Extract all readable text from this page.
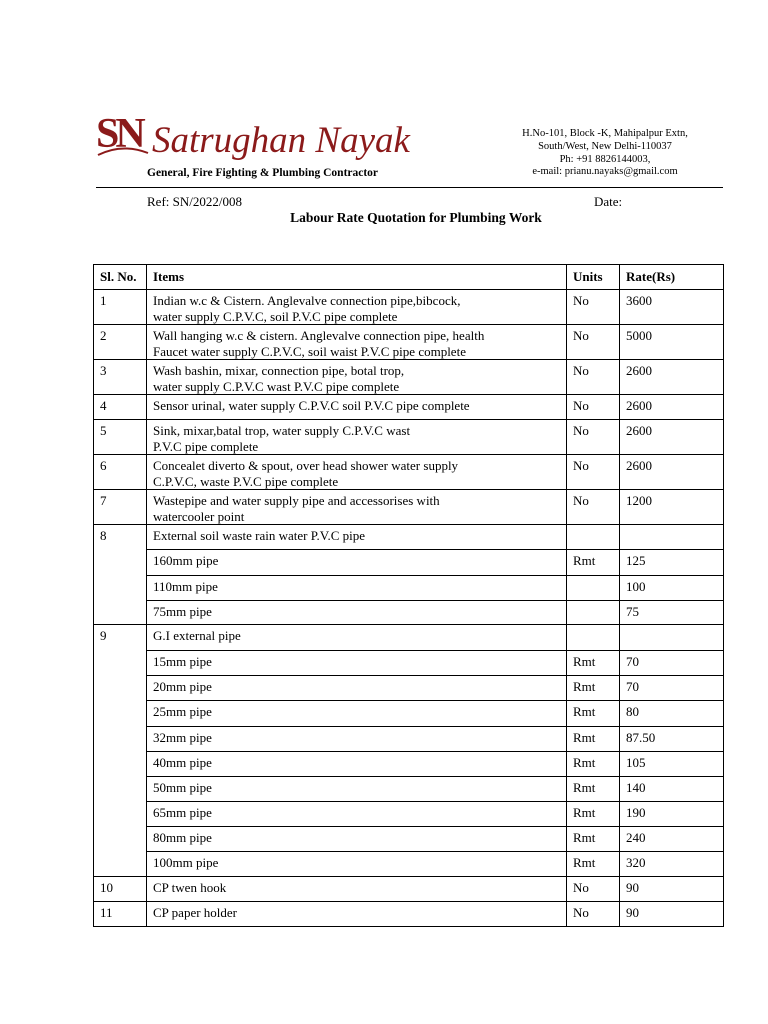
SN Satrughan Nayak
General, Fire Fighting & Plumbing Contractor
H.No-101, Block -K, Mahipalpur Extn,
South/West, New Delhi-110037
Ph: +91 8826144003,
e-mail: prianu.nayaks@gmail.com
Ref: SN/2022/008	Date:
Labour Rate Quotation for Plumbing Work
Sl. No.	Items	Units	Rate(Rs)
1	Indian w.c & Cistern. Anglevalve connection pipe,bibcock,
water supply C.P.V.C, soil P.V.C pipe complete	No	3600
2	Wall hanging w.c & cistern. Anglevalve connection pipe, health
Faucet water supply C.P.V.C, soil waist P.V.C pipe complete	No	5000
3	Wash bashin, mixar, connection pipe, botal trop,
water supply C.P.V.C wast P.V.C pipe complete	No	2600
4	Sensor urinal, water supply C.P.V.C soil P.V.C pipe complete	No	2600
5	Sink, mixar,batal trop, water supply C.P.V.C wast
P.V.C pipe complete	No	2600
6	Concealet diverto & spout, over head shower water supply
C.P.V.C, waste P.V.C pipe complete	No	2600
7	Wastepipe and water supply pipe and accessorises with
watercooler point	No	1200
8	External soil waste rain water P.V.C pipe		
	160mm pipe	Rmt	125
	110mm pipe		100
	75mm pipe		75
9	G.I external pipe		
	15mm pipe	Rmt	70
	20mm pipe	Rmt	70
	25mm pipe	Rmt	80
	32mm pipe	Rmt	87.50
	40mm pipe	Rmt	105
	50mm pipe	Rmt	140
	65mm pipe	Rmt	190
	80mm pipe	Rmt	240
	100mm pipe	Rmt	320
10	CP twen hook	No	90
11	CP paper holder	No	90
